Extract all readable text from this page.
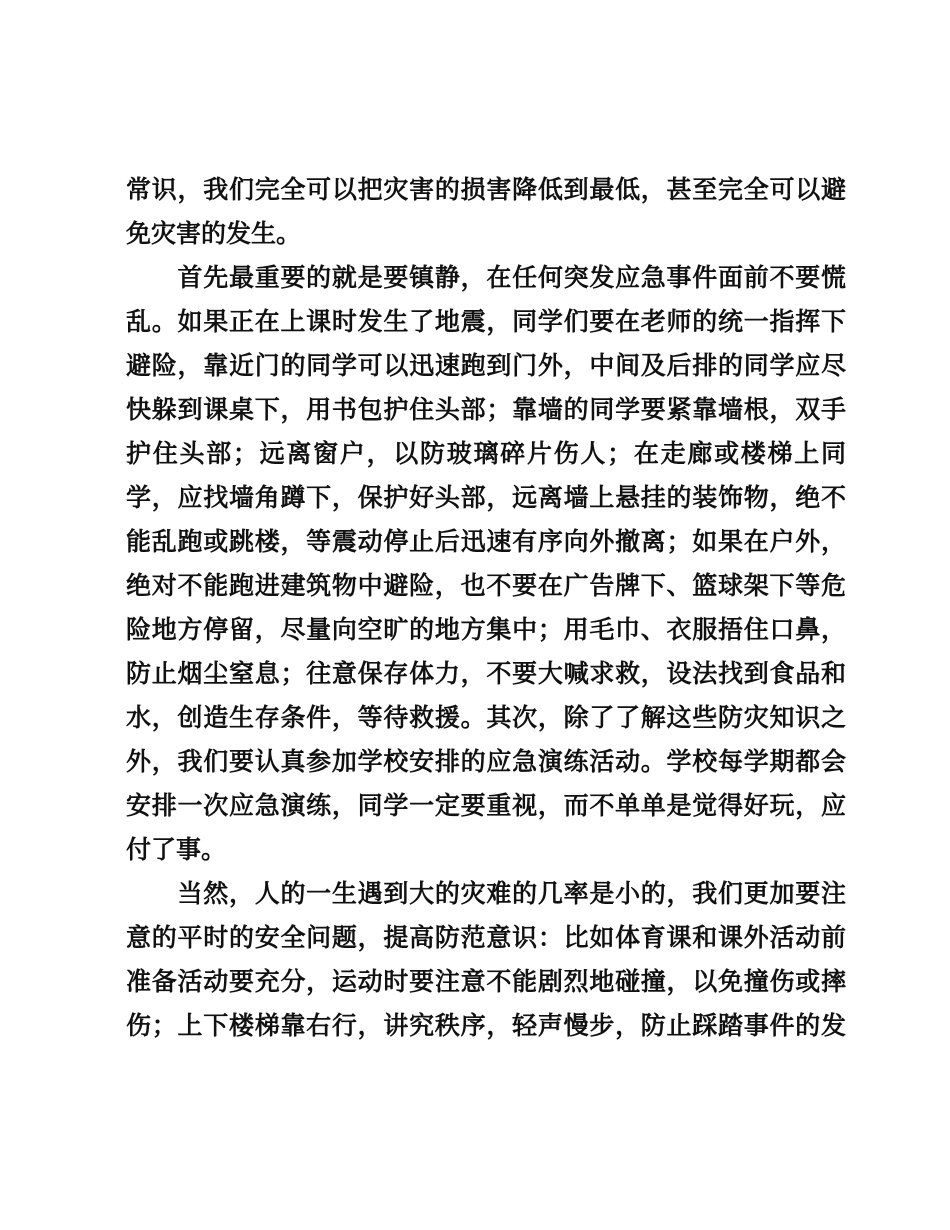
常识，我们完全可以把灾害的损害降低到最低，甚至完全可以避
免灾害的发生。
　　首先最重要的就是要镇静，在任何突发应急事件面前不要慌
乱。如果正在上课时发生了地震，同学们要在老师的统一指挥下
避险，靠近门的同学可以迅速跑到门外，中间及后排的同学应尽
快躲到课桌下，用书包护住头部；靠墙的同学要紧靠墙根，双手
护住头部；远离窗户，以防玻璃碎片伤人；在走廊或楼梯上同
学，应找墙角蹲下，保护好头部，远离墙上悬挂的装饰物，绝不
能乱跑或跳楼，等震动停止后迅速有序向外撤离；如果在户外，
绝对不能跑进建筑物中避险，也不要在广告牌下、篮球架下等危
险地方停留，尽量向空旷的地方集中；用毛巾、衣服捂住口鼻，
防止烟尘窒息；往意保存体力，不要大喊求救，设法找到食品和
水，创造生存条件，等待救援。其次，除了了解这些防灾知识之
外，我们要认真参加学校安排的应急演练活动。学校每学期都会
安排一次应急演练，同学一定要重视，而不单单是觉得好玩，应
付了事。
　　当然，人的一生遇到大的灾难的几率是小的，我们更加要注
意的平时的安全问题，提高防范意识：比如体育课和课外活动前
准备活动要充分，运动时要注意不能剧烈地碰撞，以免撞伤或摔
伤；上下楼梯靠右行，讲究秩序，轻声慢步，防止踩踏事件的发
